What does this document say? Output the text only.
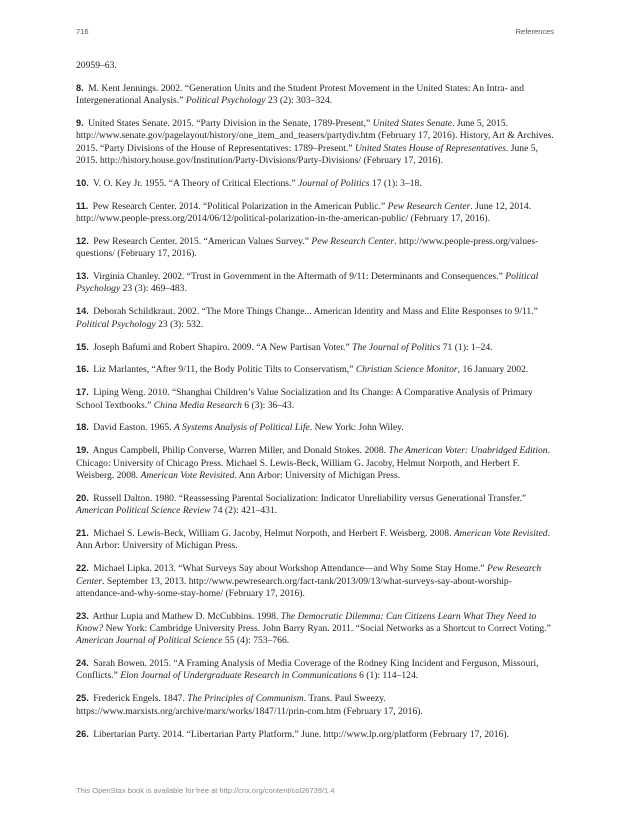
716	References

20959–63.

8. M. Kent Jennings. 2002. “Generation Units and the Student Protest Movement in the United States: An Intra- and Intergenerational Analysis.” Political Psychology 23 (2): 303–324.

9. United States Senate. 2015. “Party Division in the Senate, 1789-Present,” United States Senate. June 5, 2015. http://www.senate.gov/pagelayout/history/one_item_and_teasers/partydiv.htm (February 17, 2016). History, Art & Archives. 2015. “Party Divisions of the House of Representatives: 1789–Present.” United States House of Representatives. June 5, 2015. http://history.house.gov/Institution/Party-Divisions/Party-Divisions/ (February 17, 2016).

10. V. O. Key Jr. 1955. “A Theory of Critical Elections.” Journal of Politics 17 (1): 3–18.

11. Pew Research Center. 2014. “Political Polarization in the American Public.” Pew Research Center. June 12, 2014. http://www.people-press.org/2014/06/12/political-polarization-in-the-american-public/ (February 17, 2016).

12. Pew Research Center. 2015. “American Values Survey.” Pew Research Center. http://www.people-press.org/values-questions/ (February 17, 2016).

13. Virginia Chanley. 2002. “Trust in Government in the Aftermath of 9/11: Determinants and Consequences.” Political Psychology 23 (3): 469–483.

14. Deborah Schildkraut. 2002. “The More Things Change... American Identity and Mass and Elite Responses to 9/11.” Political Psychology 23 (3): 532.

15. Joseph Bafumi and Robert Shapiro. 2009. “A New Partisan Voter.” The Journal of Politics 71 (1): 1–24.

16. Liz Marlantes, “After 9/11, the Body Politic Tilts to Conservatism,” Christian Science Monitor, 16 January 2002.

17. Liping Weng. 2010. “Shanghai Children’s Value Socialization and Its Change: A Comparative Analysis of Primary School Textbooks.” China Media Research 6 (3): 36–43.

18. David Easton. 1965. A Systems Analysis of Political Life. New York: John Wiley.

19. Angus Campbell, Philip Converse, Warren Miller, and Donald Stokes. 2008. The American Voter: Unabridged Edition. Chicago: University of Chicago Press. Michael S. Lewis-Beck, William G. Jacoby, Helmut Norpoth, and Herbert F. Weisberg. 2008. American Vote Revisited. Ann Arbor: University of Michigan Press.

20. Russell Dalton. 1980. “Reassessing Parental Socialization: Indicator Unreliability versus Generational Transfer.” American Political Science Review 74 (2): 421–431.

21. Michael S. Lewis-Beck, William G. Jacoby, Helmut Norpoth, and Herbert F. Weisberg. 2008. American Vote Revisited. Ann Arbor: University of Michigan Press.

22. Michael Lipka. 2013. “What Surveys Say about Workshop Attendance—and Why Some Stay Home.” Pew Research Center. September 13, 2013. http://www.pewresearch.org/fact-tank/2013/09/13/what-surveys-say-about-worship-attendance-and-why-some-stay-home/ (February 17, 2016).

23. Arthur Lupia and Mathew D. McCubbins. 1998. The Democratic Dilemma: Can Citizens Learn What They Need to Know? New York: Cambridge University Press. John Barry Ryan. 2011. “Social Networks as a Shortcut to Correct Voting.” American Journal of Political Science 55 (4): 753–766.

24. Sarah Bowen. 2015. “A Framing Analysis of Media Coverage of the Rodney King Incident and Ferguson, Missouri, Conflicts.” Elon Journal of Undergraduate Research in Communications 6 (1): 114–124.

25. Frederick Engels. 1847. The Principles of Communism. Trans. Paul Sweezy. https://www.marxists.org/archive/marx/works/1847/11/prin-com.htm (February 17, 2016).

26. Libertarian Party. 2014. “Libertarian Party Platform.” June. http://www.lp.org/platform (February 17, 2016).

This OpenStax book is available for free at http://cnx.org/content/col26739/1.4
